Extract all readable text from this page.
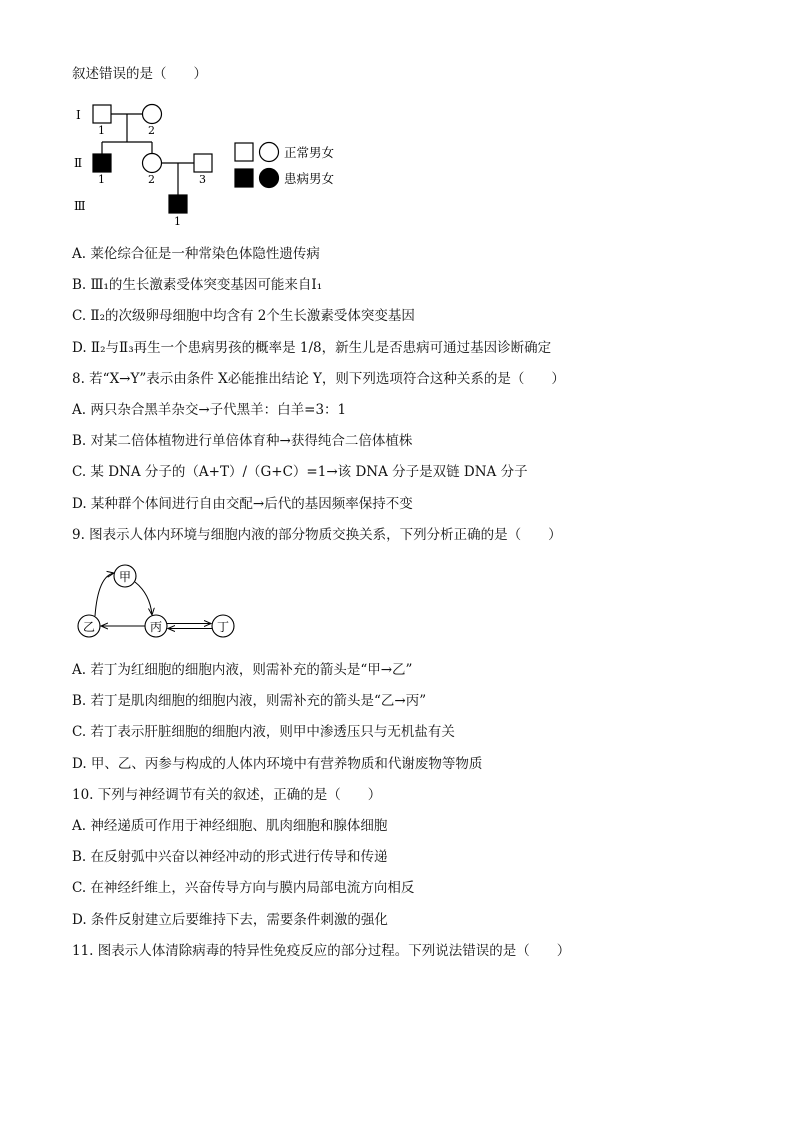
叙述错误的是（　　）
Ⅰ
Ⅱ
Ⅲ
1	2
1	2	3
1
正常男女
患病男女
A. 莱伦综合征是一种常染色体隐性遗传病
B. Ⅲ₁的生长激素受体突变基因可能来自Ⅰ₁
C. Ⅱ₂的次级卵母细胞中均含有 2个生长激素受体突变基因
D. Ⅱ₂与Ⅱ₃再生一个患病男孩的概率是 1/8，新生儿是否患病可通过基因诊断确定
8. 若“X→Y”表示由条件 X必能推出结论 Y，则下列选项符合这种关系的是（　　）
A. 两只杂合黑羊杂交→子代黑羊：白羊=3：1
B. 对某二倍体植物进行单倍体育种→获得纯合二倍体植株
C. 某 DNA 分子的（A+T）/（G+C）=1→该 DNA 分子是双链 DNA 分子
D. 某种群个体间进行自由交配→后代的基因频率保持不变
9. 图表示人体内环境与细胞内液的部分物质交换关系，下列分析正确的是（　　）
甲
乙	丙	丁
A. 若丁为红细胞的细胞内液，则需补充的箭头是“甲→乙”
B. 若丁是肌肉细胞的细胞内液，则需补充的箭头是“乙→丙”
C. 若丁表示肝脏细胞的细胞内液，则甲中渗透压只与无机盐有关
D. 甲、乙、丙参与构成的人体内环境中有营养物质和代谢废物等物质
10. 下列与神经调节有关的叙述，正确的是（　　）
A. 神经递质可作用于神经细胞、肌肉细胞和腺体细胞
B. 在反射弧中兴奋以神经冲动的形式进行传导和传递
C. 在神经纤维上，兴奋传导方向与膜内局部电流方向相反
D. 条件反射建立后要维持下去，需要条件刺激的强化
11. 图表示人体清除病毒的特异性免疫反应的部分过程。下列说法错误的是（　　）
